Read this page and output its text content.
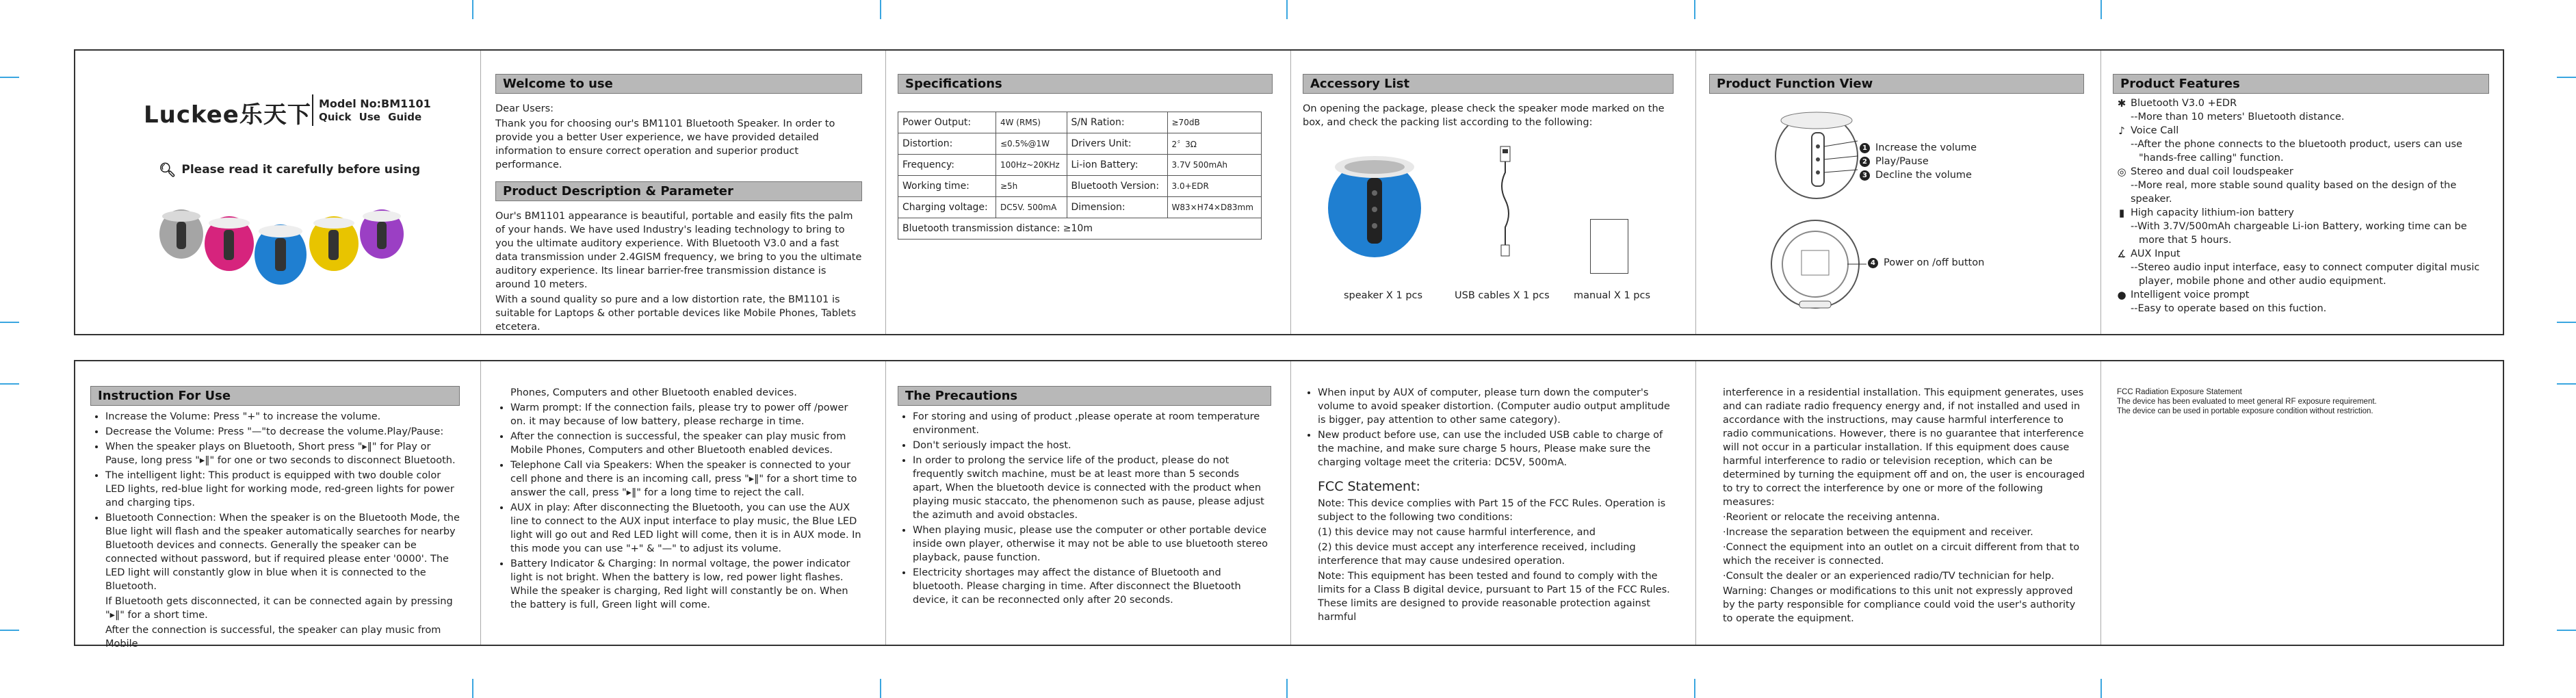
Luckee乐天下 Model No:BM1101
Quick Use Guide
🔍︎ Please read it carefully before using
Welcome to use

Dear Users:

Thank you for choosing our's BM1101 Bluetooth Speaker. In order to provide you a better User experience, we have provided detailed information to ensure correct operation and superior product performance.

Product Description & Parameter

Our's BM1101 appearance is beautiful, portable and easily fits the palm of your hands. We have used Industry's leading technology to bring to you the ultimate auditory experience. With Bluetooth V3.0 and a fast data transmission under 2.4GISM frequency, we bring to you the ultimate auditory experience. Its linear barrier-free transmission distance is around 10 meters.

With a sound quality so pure and a low distortion rate, the BM1101 is suitable for Laptops & other portable devices like Mobile Phones, Tablets etcetera.

Specifications
Power Output:	4W (RMS)	S/N Ration:	≥70dB
Distortion:	≤0.5%@1W	Drivers Unit:	2〞3Ω
Frequency:	100Hz~20KHz	Li-ion Battery:	3.7V 500mAh
Working time:	≥5h	Bluetooth Version:	3.0+EDR
Charging voltage:	DC5V. 500mA	Dimension:	W83×H74×D83mm
Bluetooth transmission distance: ≥10m			
Accessory List

On opening the package, please check the speaker mode marked on the box, and check the packing list according to the following:

speaker X 1 pcs	USB cables X 1 pcs manual X 1 pcs
Product Function View
1 Increase the volume
2 Play/Pause
3 Decline the volume
4 Power on /off button
Product Features
✱ Bluetooth V3.0 +EDR
--More than 10 meters' Bluetooth distance.
♪ Voice Call
--After the phone connects to the bluetooth product, users can use "hands-free calling" function.
◎ Stereo and dual coil loudspeaker
--More real, more stable sound quality based on the design of the speaker.
▮ High capacity lithium-ion battery
--With 3.7V/500mAh chargeable Li-ion Battery, working time can be more that 5 hours.
∡ AUX Input
--Stereo audio input interface, easy to connect computer digital music player, mobile phone and other audio equipment.
● Intelligent voice prompt
--Easy to operate based on this fuction.
Instruction For Use
• Increase the Volume: Press "+" to increase the volume.
• Decrease the Volume: Press "—"to decrease the volume.Play/Pause:
• When the speaker plays on Bluetooth, Short press "▸‖" for Play or Pause, long press "▸‖" for one or two seconds to disconnect Bluetooth.
• The intelligent light: This product is equipped with two double color LED lights, red-blue light for working mode, red-green lights for power and charging tips.
• Bluetooth Connection: When the speaker is on the Bluetooth Mode, the Blue light will flash and the speaker automatically searches for nearby Bluetooth devices and connects. Generally the speaker can be connected without password, but if required please enter '0000'. The LED light will constantly glow in blue when it is connected to the Bluetooth.

If Bluetooth gets disconnected, it can be connected again by pressing "▸‖" for a short time.

After the connection is successful, the speaker can play music from Mobile

Phones, Computers and other Bluetooth enabled devices.

• Warm prompt: If the connection fails, please try to power off /power on. it may because of low battery, please recharge in time.
• After the connection is successful, the speaker can play music from Mobile Phones, Computers and other Bluetooth enabled devices.
• Telephone Call via Speakers: When the speaker is connected to your cell phone and there is an incoming call, press "▸‖" for a short time to answer the call, press "▸‖" for a long time to reject the call.
• AUX in play: After disconnecting the Bluetooth, you can use the AUX line to connect to the AUX input interface to play music, the Blue LED light will go out and Red LED light will come, then it is in AUX mode. In this mode you can use "+" & "—" to adjust its volume.
• Battery Indicator & Charging: In normal voltage, the power indicator light is not bright. When the battery is low, red power light flashes. While the speaker is charging, Red light will constantly be on. When the battery is full, Green light will come.
The Precautions
• For storing and using of product ,please operate at room temperature environment.
• Don't seriously impact the host.
• In order to prolong the service life of the product, please do not frequently switch machine, must be at least more than 5 seconds apart, When the bluetooth device is connected with the product when playing music staccato, the phenomenon such as pause, please adjust the azimuth and avoid obstacles.
• When playing music, please use the computer or other portable device inside own player, otherwise it may not be able to use bluetooth stereo playback, pause function.
• Electricity shortages may affect the distance of Bluetooth and bluetooth. Please charging in time. After disconnect the Bluetooth device, it can be reconnected only after 20 seconds.
• When input by AUX of computer, please turn down the computer's volume to avoid speaker distortion. (Computer audio output amplitude is bigger, pay attention to other same category).
• New product before use, can use the included USB cable to charge of the machine, and make sure charge 5 hours, Please make sure the charging voltage meet the criteria: DC5V, 500mA.
FCC Statement:

Note: This device complies with Part 15 of the FCC Rules. Operation is subject to the following two conditions:

(1) this device may not cause harmful interference, and

(2) this device must accept any interference received, including interference that may cause undesired operation.

Note: This equipment has been tested and found to comply with the limits for a Class B digital device, pursuant to Part 15 of the FCC Rules. These limits are designed to provide reasonable protection against harmful

interference in a residential installation. This equipment generates, uses and can radiate radio frequency energy and, if not installed and used in accordance with the instructions, may cause harmful interference to radio communications. However, there is no guarantee that interference will not occur in a particular installation. If this equipment does cause harmful interference to radio or television reception, which can be determined by turning the equipment off and on, the user is encouraged to try to correct the interference by one or more of the following measures:

·Reorient or relocate the receiving antenna.

·Increase the separation between the equipment and receiver.

·Connect the equipment into an outlet on a circuit different from that to which the receiver is connected.

·Consult the dealer or an experienced radio/TV technician for help.

Warning: Changes or modifications to this unit not expressly approved by the party responsible for compliance could void the user's authority to operate the equipment.

FCC Radiation Exposure Statement
The device has been evaluated to meet general RF exposure requirement.
The device can be used in portable exposure condition without restriction.
